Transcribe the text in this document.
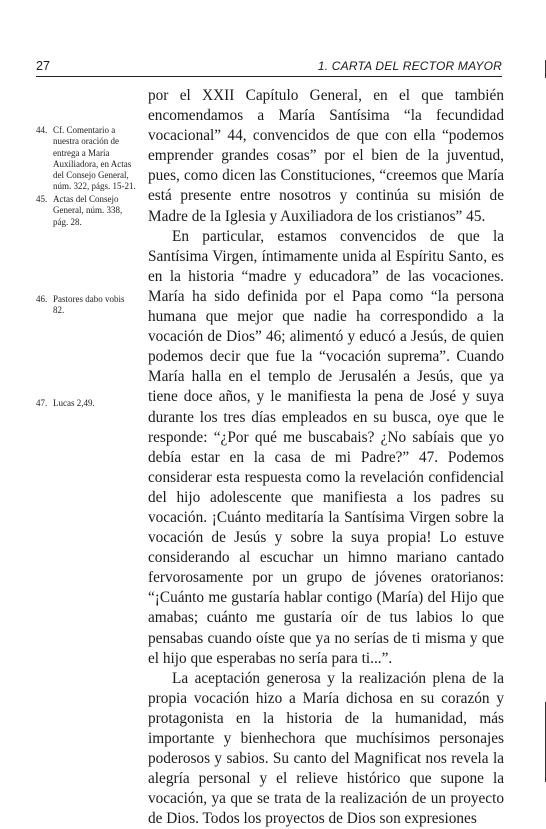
27	1. CARTA DEL RECTOR MAYOR
44. Cf. Comentario a nuestra oración de entrega a María Auxiliadora, en Actas del Consejo General, núm. 322, págs. 15-21.
45. Actas del Consejo General, núm. 338, pág. 28.
46. Pastores dabo vobis 82.
47. Lucas 2,49.

por el XXII Capítulo General, en el que también encomendamos a María Santísima “la fecundidad vocacional” 44, convencidos de que con ella “podemos emprender grandes cosas” por el bien de la juventud, pues, como dicen las Constituciones, “creemos que María está presente entre nosotros y continúa su misión de Madre de la Iglesia y Auxiliadora de los cristianos” 45.

En particular, estamos convencidos de que la Santísima Virgen, íntimamente unida al Espíritu Santo, es en la historia “madre y educadora” de las vocaciones. María ha sido definida por el Papa como “la persona humana que mejor que nadie ha correspondido a la vocación de Dios” 46; alimentó y educó a Jesús, de quien podemos decir que fue la “vocación suprema”. Cuando María halla en el templo de Jerusalén a Jesús, que ya tiene doce años, y le manifiesta la pena de José y suya durante los tres días empleados en su busca, oye que le responde: “¿Por qué me buscabais? ¿No sabíais que yo debía estar en la casa de mi Padre?” 47. Podemos considerar esta respuesta como la revelación confidencial del hijo adolescente que manifiesta a los padres su vocación. ¡Cuánto meditaría la Santísima Virgen sobre la vocación de Jesús y sobre la suya propia! Lo estuve considerando al escuchar un himno mariano cantado fervorosamente por un grupo de jóvenes oratorianos: “¡Cuánto me gustaría hablar contigo (María) del Hijo que amabas; cuánto me gustaría oír de tus labios lo que pensabas cuando oíste que ya no serías de ti misma y que el hijo que esperabas no sería para ti...”.

La aceptación generosa y la realización plena de la propia vocación hizo a María dichosa en su corazón y protagonista en la historia de la humanidad, más importante y bienhechora que muchísimos personajes poderosos y sabios. Su canto del Magnificat nos revela la alegría personal y el relieve histórico que supone la vocación, ya que se trata de la realización de un proyecto de Dios. Todos los proyectos de Dios son expresiones
